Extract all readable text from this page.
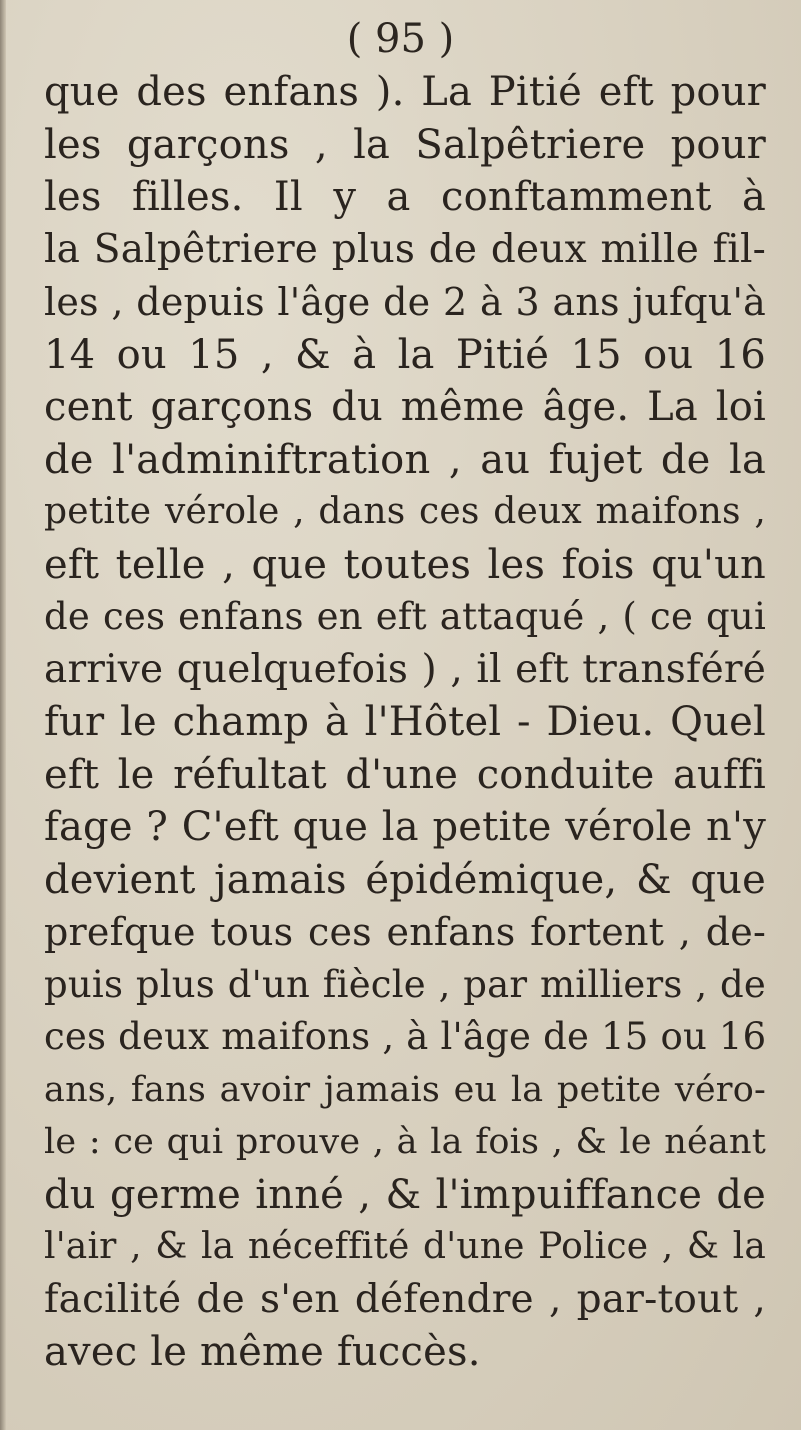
( 95 )
que des enfans ). La Pitié eft pour
les garçons , la Salpêtriere pour
les filles. Il y a conftamment à
la Salpêtriere plus de deux mille fil-
les , depuis l'âge de 2 à 3 ans jufqu'à
14 ou 15 , & à la Pitié 15 ou 16
cent garçons du même âge. La loi
de l'adminiftration , au fujet de la
petite vérole , dans ces deux maifons ,
eft telle , que toutes les fois qu'un
de ces enfans en eft attaqué , ( ce qui
arrive quelquefois ) , il eft transféré
fur le champ à l'Hôtel - Dieu. Quel
eft le réfultat d'une conduite auffi
fage ? C'eft que la petite vérole n'y
devient jamais épidémique, & que
prefque tous ces enfans fortent , de-
puis plus d'un fiècle , par milliers , de
ces deux maifons , à l'âge de 15 ou 16
ans, fans avoir jamais eu la petite véro-
le : ce qui prouve , à la fois , & le néant
du germe inné , & l'impuiffance de
l'air , & la néceffité d'une Police , & la
facilité de s'en défendre , par-tout ,
avec le même fuccès.
